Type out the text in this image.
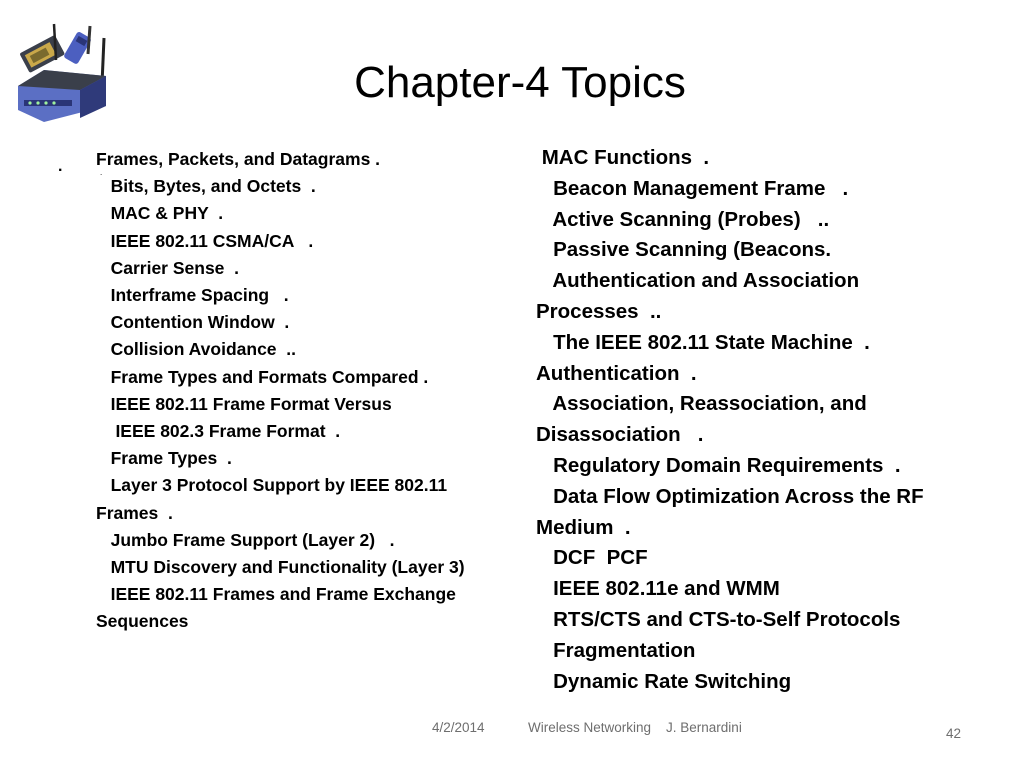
Chapter-4 Topics
.	.
Frames, Packets, and Datagrams .
Bits, Bytes, and Octets  .
MAC & PHY  .
IEEE 802.11 CSMA/CA   .
Carrier Sense  .
Interframe Spacing   .
Contention Window  .
Collision Avoidance  ..
Frame Types and Formats Compared .
IEEE 802.11 Frame Format Versus
IEEE 802.3 Frame Format  .
Frame Types  .
Layer 3 Protocol Support by IEEE 802.11
Frames  .
Jumbo Frame Support (Layer 2)   .
MTU Discovery and Functionality (Layer 3)
IEEE 802.11 Frames and Frame Exchange
Sequences
MAC Functions  .
Beacon Management Frame   .
Active Scanning (Probes)   ..
Passive Scanning (Beacons.
Authentication and Association
Processes  ..
The IEEE 802.11 State Machine  .
Authentication  .
Association, Reassociation, and
Disassociation   .
Regulatory Domain Requirements  .
Data Flow Optimization Across the RF
Medium  .
DCF  PCF
IEEE 802.11e and WMM
RTS/CTS and CTS-to-Self Protocols
Fragmentation
Dynamic Rate Switching
4/2/2014	Wireless Networking    J. Bernardini	42
